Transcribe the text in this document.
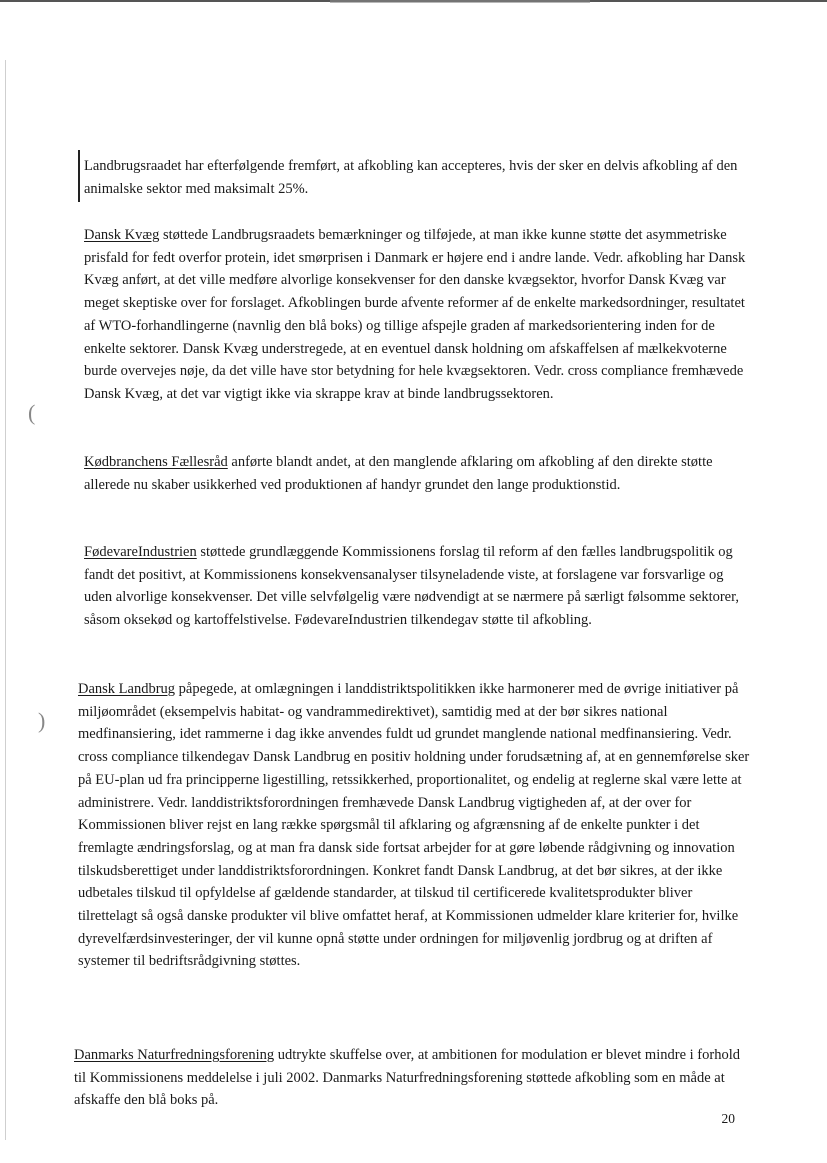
(
)

Landbrugsraadet har efterfølgende fremført, at afkobling kan accepteres, hvis der sker en delvis afkobling af den animalske sektor med maksimalt 25%.

Dansk Kvæg støttede Landbrugsraadets bemærkninger og tilføjede, at man ikke kunne støtte det asymmetriske prisfald for fedt overfor protein, idet smørprisen i Danmark er højere end i andre lande. Vedr. afkobling har Dansk Kvæg anført, at det ville medføre alvorlige konsekvenser for den danske kvægsektor, hvorfor Dansk Kvæg var meget skeptiske over for forslaget. Afkoblingen burde afvente reformer af de enkelte markedsordninger, resultatet af WTO-forhandlingerne (navnlig den blå boks) og tillige afspejle graden af markedsorientering inden for de enkelte sektorer. Dansk Kvæg understregede, at en eventuel dansk holdning om afskaffelsen af mælkekvoterne burde overvejes nøje, da det ville have stor betydning for hele kvægsektoren. Vedr. cross compliance fremhævede Dansk Kvæg, at det var vigtigt ikke via skrappe krav at binde landbrugssektoren.

Kødbranchens Fællesråd anførte blandt andet, at den manglende afklaring om afkobling af den direkte støtte allerede nu skaber usikkerhed ved produktionen af handyr grundet den lange produktionstid.

FødevareIndustrien støttede grundlæggende Kommissionens forslag til reform af den fælles landbrugspolitik og fandt det positivt, at Kommissionens konsekvensanalyser tilsyneladende viste, at forslagene var forsvarlige og uden alvorlige konsekvenser. Det ville selvfølgelig være nødvendigt at se nærmere på særligt følsomme sektorer, såsom oksekød og kartoffelstivelse. FødevareIndustrien tilkendegav støtte til afkobling.

Dansk Landbrug påpegede, at omlægningen i landdistriktspolitikken ikke harmonerer med de øvrige initiativer på miljøområdet (eksempelvis habitat- og vandrammedirektivet), samtidig med at der bør sikres national medfinansiering, idet rammerne i dag ikke anvendes fuldt ud grundet manglende national medfinansiering. Vedr. cross compliance tilkendegav Dansk Landbrug en positiv holdning under forudsætning af, at en gennemførelse sker på EU-plan ud fra principperne ligestilling, retssikkerhed, proportionalitet, og endelig at reglerne skal være lette at administrere. Vedr. landdistriktsforordningen fremhævede Dansk Landbrug vigtigheden af, at der over for Kommissionen bliver rejst en lang række spørgsmål til afklaring og afgrænsning af de enkelte punkter i det fremlagte ændringsforslag, og at man fra dansk side fortsat arbejder for at gøre løbende rådgivning og innovation tilskudsberettiget under landdistriktsforordningen. Konkret fandt Dansk Landbrug, at det bør sikres, at der ikke udbetales tilskud til opfyldelse af gældende standarder, at tilskud til certificerede kvalitetsprodukter bliver tilrettelagt så også danske produkter vil blive omfattet heraf, at Kommissionen udmelder klare kriterier for, hvilke dyrevelfærdsinvesteringer, der vil kunne opnå støtte under ordningen for miljøvenlig jordbrug og at driften af systemer til bedriftsrådgivning støttes.

Danmarks Naturfredningsforening udtrykte skuffelse over, at ambitionen for modulation er blevet mindre i forhold til Kommissionens meddelelse i juli 2002. Danmarks Naturfredningsforening støttede afkobling som en måde at afskaffe den blå boks på.

20
